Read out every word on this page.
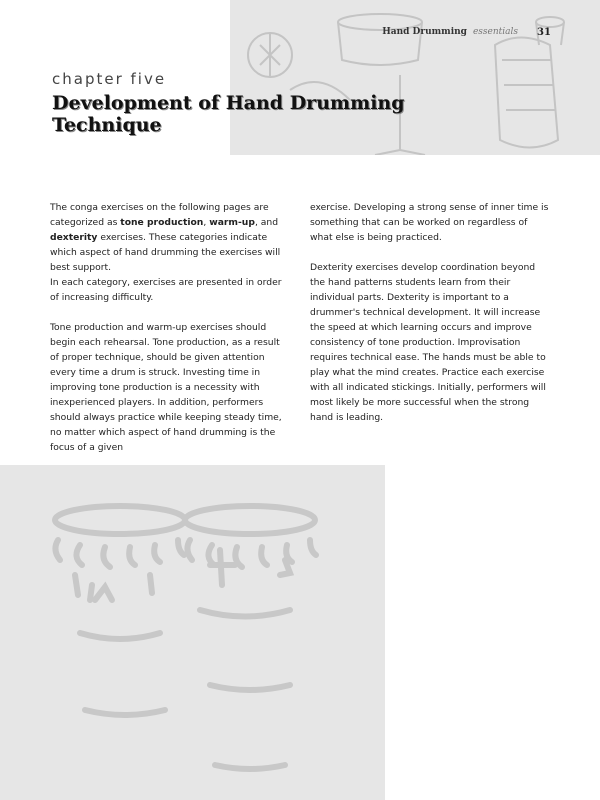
Hand Drumming essentials	31
chapter five
Development of Hand Drumming Technique

The conga exercises on the following pages are categorized as tone production, warm-up, and dexterity exercises. These categories indicate which aspect of hand drumming the exercises will best support.

In each category, exercises are presented in order of increasing difficulty.

Tone production and warm-up exercises should begin each rehearsal. Tone production, as a result of proper technique, should be given attention every time a drum is struck. Investing time in improving tone production is a necessity with inexperienced players. In addition, performers should always practice while keeping steady time, no matter which aspect of hand drumming is the focus of a given

exercise. Developing a strong sense of inner time is something that can be worked on regardless of what else is being practiced.

Dexterity exercises develop coordination beyond the hand patterns students learn from their individual parts. Dexterity is important to a drummer's technical development. It will increase the speed at which learning occurs and improve consistency of tone production. Improvisation requires technical ease. The hands must be able to play what the mind creates. Practice each exercise with all indicated stickings. Initially, performers will most likely be more successful when the strong hand is leading.
